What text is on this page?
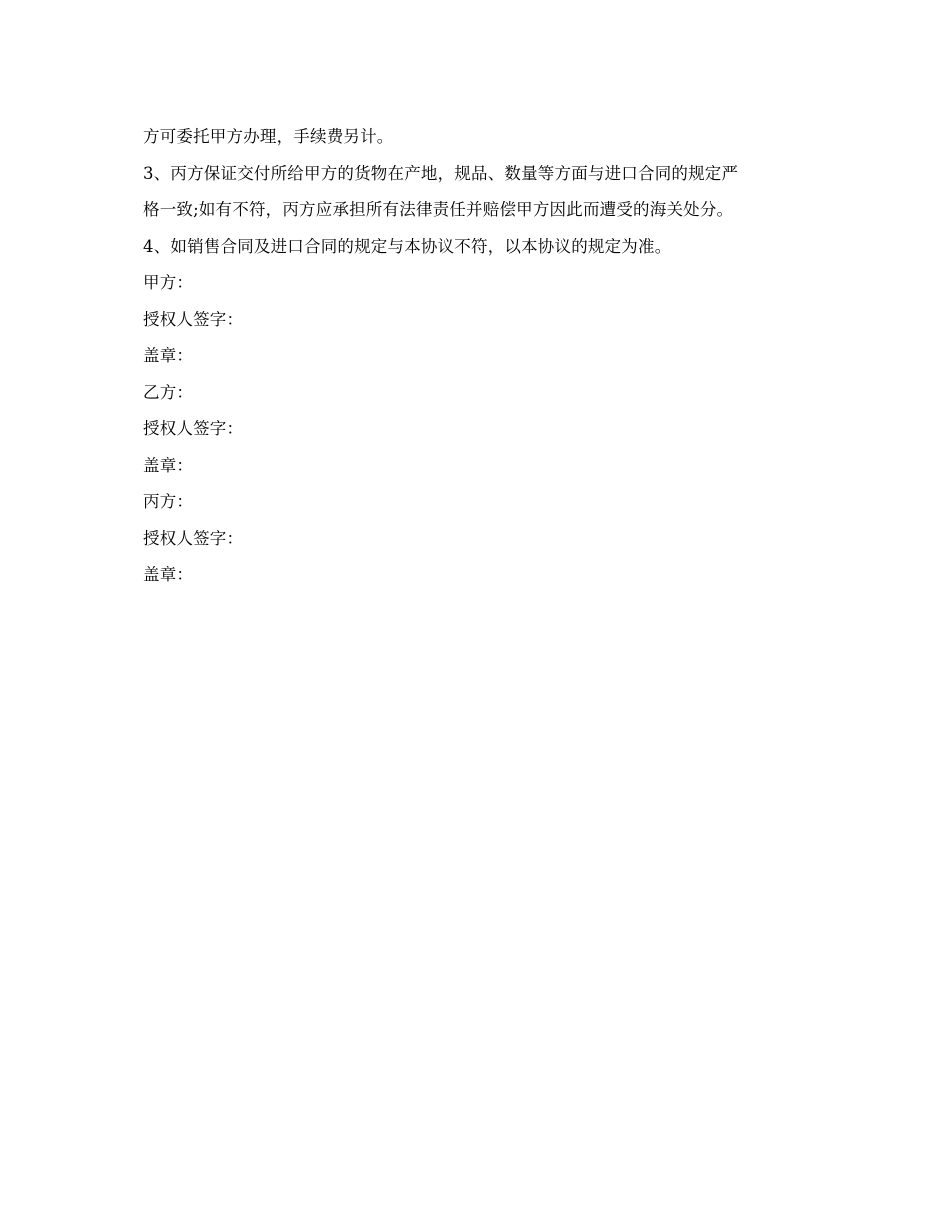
方可委托甲方办理，手续费另计。

3、丙方保证交付所给甲方的货物在产地，规品、数量等方面与进口合同的规定严

格一致;如有不符，丙方应承担所有法律责任并赔偿甲方因此而遭受的海关处分。

4、如销售合同及进口合同的规定与本协议不符，以本协议的规定为准。

甲方：

授权人签字：

盖章：

乙方：

授权人签字：

盖章：

丙方：

授权人签字：

盖章：
